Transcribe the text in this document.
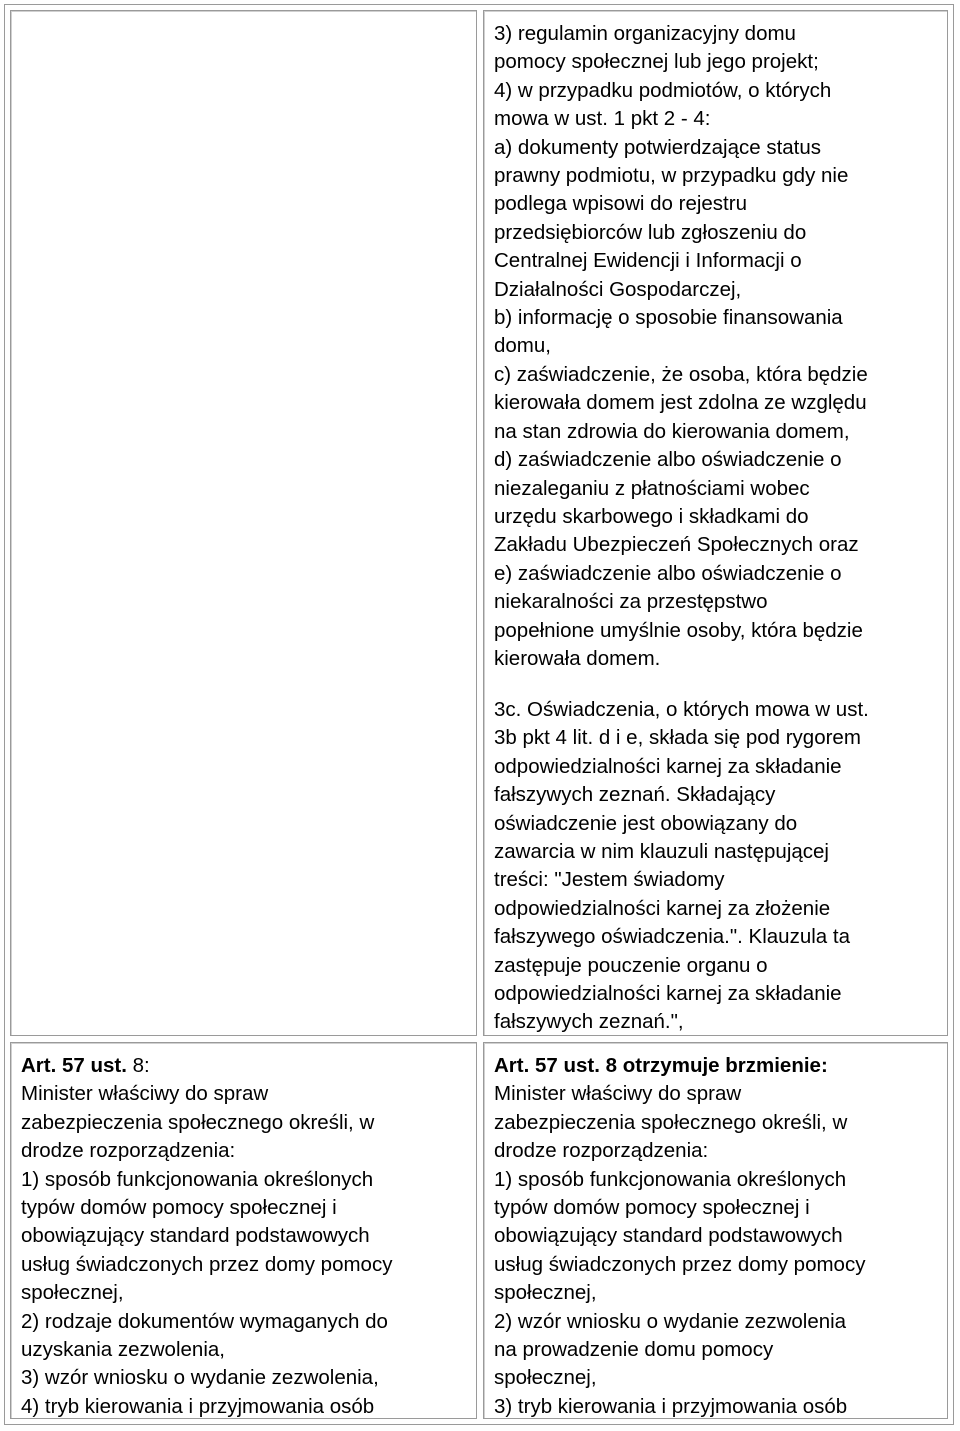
3) regulamin organizacyjny domu
pomocy społecznej lub jego projekt;
4) w przypadku podmiotów, o których
mowa w ust. 1 pkt 2 - 4:
a) dokumenty potwierdzające status
prawny podmiotu, w przypadku gdy nie
podlega wpisowi do rejestru
przedsiębiorców lub zgłoszeniu do
Centralnej Ewidencji i Informacji o
Działalności Gospodarczej,
b) informację o sposobie finansowania
domu,
c) zaświadczenie, że osoba, która będzie
kierowała domem jest zdolna ze względu
na stan zdrowia do kierowania domem,
d) zaświadczenie albo oświadczenie o
niezaleganiu z płatnościami wobec
urzędu skarbowego i składkami do
Zakładu Ubezpieczeń Społecznych oraz
e) zaświadczenie albo oświadczenie o
niekaralności za przestępstwo
popełnione umyślnie osoby, która będzie
kierowała domem.
3c. Oświadczenia, o których mowa w ust.
3b pkt 4 lit. d i e, składa się pod rygorem
odpowiedzialności karnej za składanie
fałszywych zeznań. Składający
oświadczenie jest obowiązany do
zawarcia w nim klauzuli następującej
treści: "Jestem świadomy
odpowiedzialności karnej za złożenie
fałszywego oświadczenia.". Klauzula ta
zastępuje pouczenie organu o
odpowiedzialności karnej za składanie
fałszywych zeznań.",
Art. 57 ust. 8:
Minister właściwy do spraw
zabezpieczenia społecznego określi, w
drodze rozporządzenia:
1) sposób funkcjonowania określonych
typów domów pomocy społecznej i
obowiązujący standard podstawowych
usług świadczonych przez domy pomocy
społecznej,
2) rodzaje dokumentów wymaganych do
uzyskania zezwolenia,
3) wzór wniosku o wydanie zezwolenia,
4) tryb kierowania i przyjmowania osób
Art. 57 ust. 8 otrzymuje brzmienie:
Minister właściwy do spraw
zabezpieczenia społecznego określi, w
drodze rozporządzenia:
1) sposób funkcjonowania określonych
typów domów pomocy społecznej i
obowiązujący standard podstawowych
usług świadczonych przez domy pomocy
społecznej,
2) wzór wniosku o wydanie zezwolenia
na prowadzenie domu pomocy
społecznej,
3) tryb kierowania i przyjmowania osób
